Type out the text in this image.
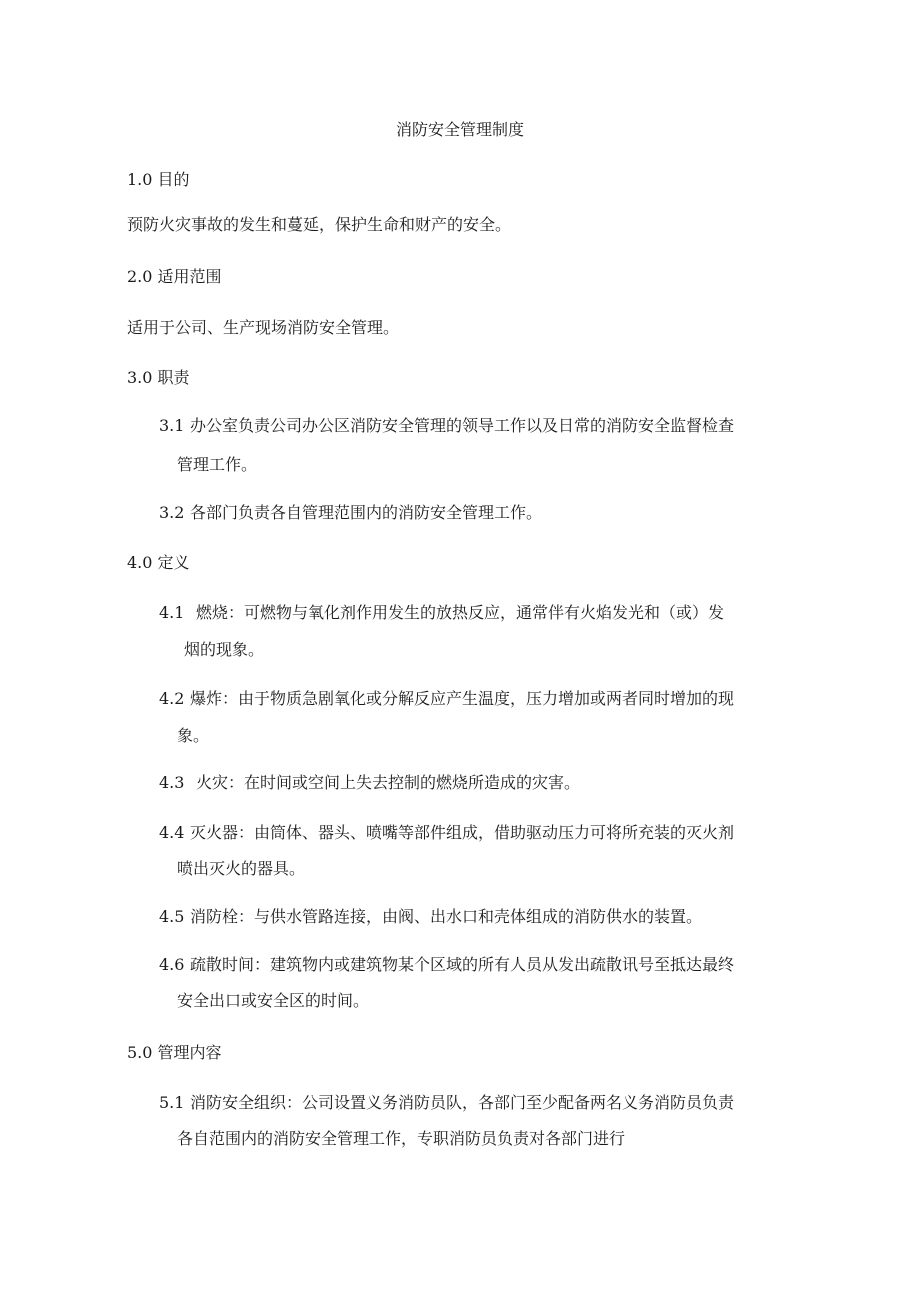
消防安全管理制度
1.0 目的
预防火灾事故的发生和蔓延，保护生命和财产的安全。
2.0 适用范围
适用于公司、生产现场消防安全管理。
3.0 职责
3.1 办公室负责公司办公区消防安全管理的领导工作以及日常的消防安全监督检查
管理工作。
3.2 各部门负责各自管理范围内的消防安全管理工作。
4.0 定义
4.1 燃烧：可燃物与氧化剂作用发生的放热反应，通常伴有火焰发光和（或）发
烟的现象。
4.2 爆炸：由于物质急剧氧化或分解反应产生温度，压力增加或两者同时增加的现
象。
4.3 火灾：在时间或空间上失去控制的燃烧所造成的灾害。
4.4 灭火器：由筒体、器头、喷嘴等部件组成，借助驱动压力可将所充装的灭火剂
喷出灭火的器具。
4.5 消防栓：与供水管路连接，由阀、出水口和壳体组成的消防供水的装置。
4.6 疏散时间：建筑物内或建筑物某个区域的所有人员从发出疏散讯号至抵达最终
安全出口或安全区的时间。
5.0 管理内容
5.1 消防安全组织：公司设置义务消防员队，各部门至少配备两名义务消防员负责
各自范围内的消防安全管理工作，专职消防员负责对各部门进行
